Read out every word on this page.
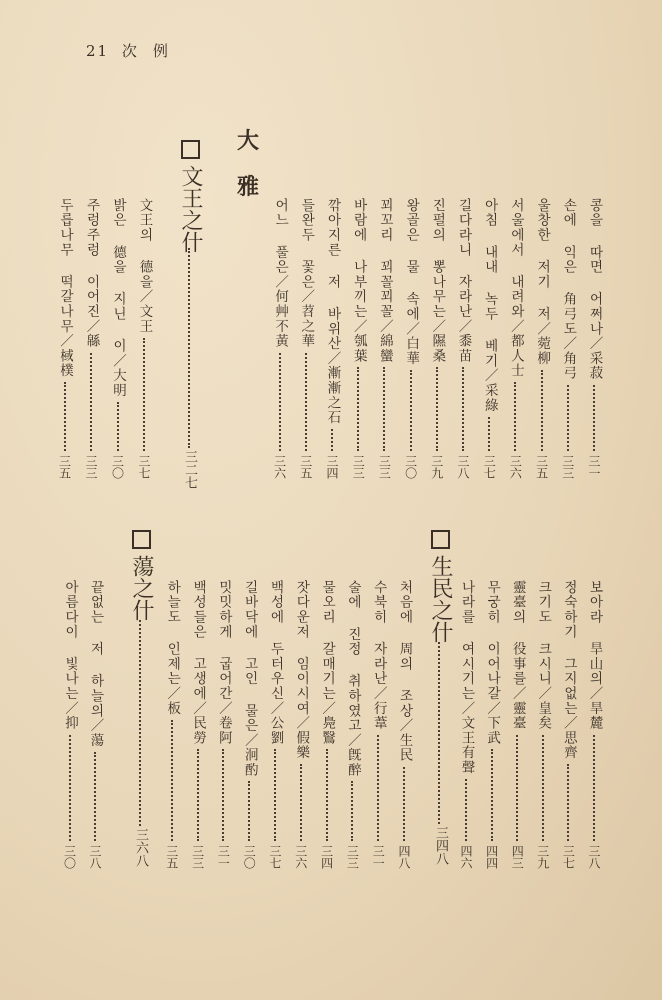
21 次 例
大
雅
文王之什
三二七
生民之什
三四八
蕩之什
三六八
콩을 따면 어쩌나／采菽
三一
손에 익은 角弓도／角弓
三三
울창한 저기 저／菀柳
三五
서울에서 내려와／都人士
三六
아침 내내 녹두 베기／采綠
三七
길다라니 자라난／黍苗
三八
진펄의 뽕나무는／隰桑
三九
왕골은 물 속에／白華
三〇
꾀꼬리 꾀꼴꾀꼴／綿蠻
三三
바람에 나부끼는／瓠葉
三三
깎아지른 저 바위산／漸漸之石
三四
들완두 꽃은／苕之華
三五
어느 풀은／何艸不黃
三六
文王의 德을／文王
三七
밝은 德을 지닌 이／大明
三〇
주렁주렁 이어진／緜
三三
두릅나무 떡갈나무／棫樸
三五
보아라 旱山의／旱麓
三八
정숙하기 그지없는／思齊
三七
크기도 크시니／皇矣
三九
靈臺의 役事를／靈臺
四三
무궁히 이어나갈／下武
四四
나라를 여시기는／文王有聲
四六
처음에 周의 조상／生民
四八
수북히 자라난／行葦
三一
술에 진정 취하였고／旣醉
三三
물오리 갈매기는／鳧鷖
三四
잣다운저 임이시여／假樂
三六
백성에 두터우신／公劉
三七
길바닥에 고인 물은／泂酌
三〇
밋밋하게 굽어간／卷阿
三一
백성들은 고생에／民勞
三三
하늘도 인제는／板
三五
끝없는 저 하늘의／蕩
三八
아름다이 빛나는／抑
三〇
